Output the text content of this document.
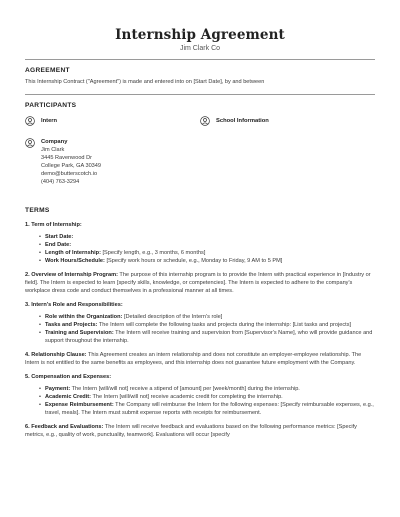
Internship Agreement
Jim Clark Co
AGREEMENT

This Internship Contract ("Agreement") is made and entered into on [Start Date], by and between

PARTICIPANTS
Intern	School Information
Company
Jim Clark
3445 Ravenwood Dr
College Park, GA 30349
demo@butterscotch.io
(404) 763-3294
TERMS
1. Term of Internship:
• Start Date:
• End Date:
• Length of Internship: [Specify length, e.g., 3 months, 6 months]
• Work Hours/Schedule: [Specify work hours or schedule, e.g., Monday to Friday, 9 AM to 5 PM]

2. Overview of Internship Program: The purpose of this internship program is to provide the Intern with practical experience in [Industry or field]. The Intern is expected to learn [specify skills, knowledge, or competencies]. The Intern is expected to adhere to the company's workplace dress code and conduct themselves in a professional manner at all times.

3. Intern's Role and Responsibilities:
• Role within the Organization: [Detailed description of the Intern's role]
• Tasks and Projects: The Intern will complete the following tasks and projects during the internship: [List tasks and projects]
• Training and Supervision: The Intern will receive training and supervision from [Supervisor's Name], who will provide guidance and support throughout the internship.

4. Relationship Clause: This Agreement creates an intern relationship and does not constitute an employer-employee relationship. The Intern is not entitled to the same benefits as employees, and this internship does not guarantee future employment with the Company.

5. Compensation and Expenses:
• Payment: The Intern [will/will not] receive a stipend of [amount] per [week/month] during the internship.
• Academic Credit: The Intern [will/will not] receive academic credit for completing the internship.
• Expense Reimbursement: The Company will reimburse the Intern for the following expenses: [Specify reimbursable expenses, e.g., travel, meals]. The Intern must submit expense reports with receipts for reimbursement.

6. Feedback and Evaluations: The Intern will receive feedback and evaluations based on the following performance metrics: [Specify metrics, e.g., quality of work, punctuality, teamwork]. Evaluations will occur [specify
